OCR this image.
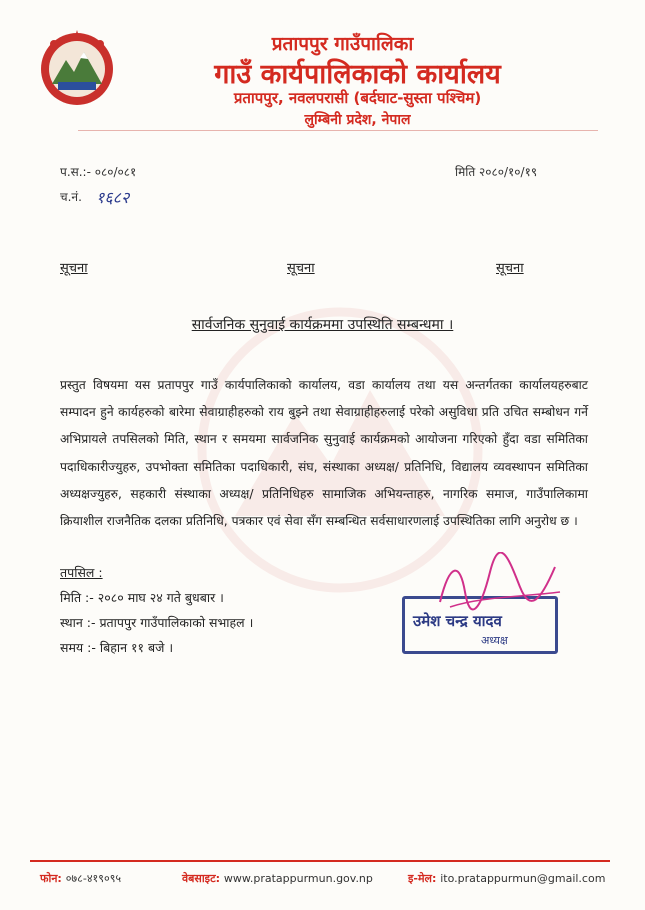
प्रतापपुर गाउँपालिका
गाउँ कार्यपालिकाको कार्यालय
प्रतापपुर, नवलपरासी (बर्दघाट-सुस्ता पश्चिम)
लुम्बिनी प्रदेश, नेपाल
प.स.:- ०८०/०८१
च.नं. १६८२
मिति २०८०/१०/१९
सूचना	सूचना	सूचना
सार्वजनिक सुनुवाई कार्यक्रममा उपस्थिति सम्बन्धमा ।
प्रस्तुत विषयमा यस प्रतापपुर गाउँ कार्यपालिकाको कार्यालय, वडा कार्यालय तथा यस अन्तर्गतका कार्यालयहरुबाट सम्पादन हुने कार्यहरुको बारेमा सेवाग्राहीहरुको राय बुझ्ने तथा सेवाग्राहीहरुलाई परेको असुविधा प्रति उचित सम्बोधन गर्ने अभिप्रायले तपसिलको मिति, स्थान र समयमा सार्वजनिक सुनुवाई कार्यक्रमको आयोजना गरिएको हुँदा वडा समितिका पदाधिकारीज्युहरु, उपभोक्ता समितिका पदाधिकारी, संघ, संस्थाका अध्यक्ष/ प्रतिनिधि, विद्यालय व्यवस्थापन समितिका अध्यक्षज्युहरु, सहकारी संस्थाका अध्यक्ष/ प्रतिनिधिहरु सामाजिक अभियन्ताहरु, नागरिक समाज, गाउँपालिकामा क्रियाशील राजनैतिक दलका प्रतिनिधि, पत्रकार एवं सेवा सँग सम्बन्धित सर्वसाधारणलाई उपस्थितिका लागि अनुरोध छ ।
तपसिल :
मिति :- २०८० माघ २४ गते बुधबार ।
स्थान :- प्रतापपुर गाउँपालिकाको सभाहल ।
समय :- बिहान ११ बजे ।
उमेश चन्द्र यादव
अध्यक्ष
फोन: ०७८-४१९०९५	वेबसाइट: www.pratappurmun.gov.np	इ-मेल: ito.pratappurmun@gmail.com
